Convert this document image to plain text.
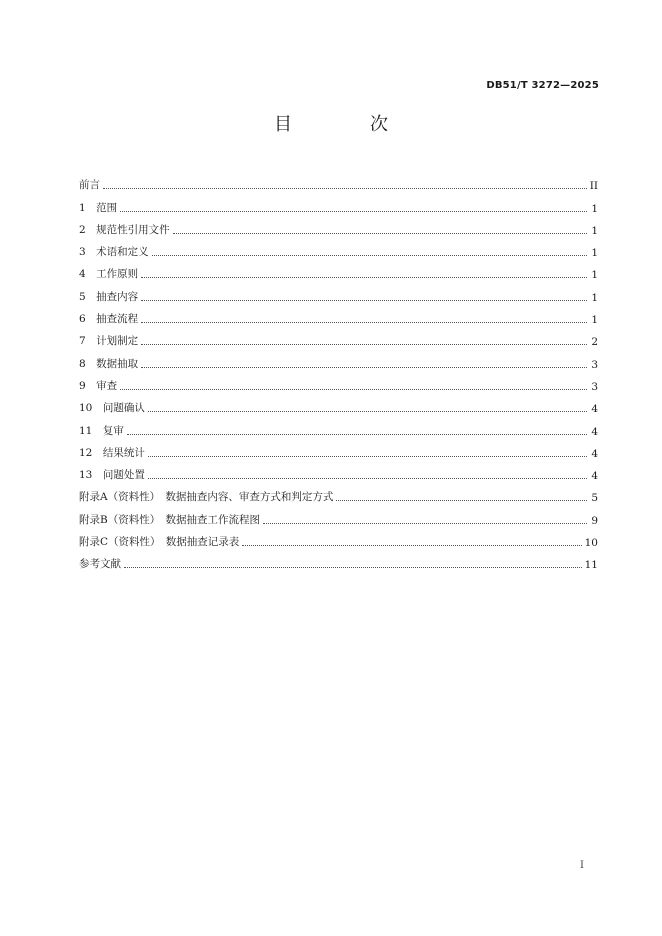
DB51/T 3272—2025
目　次
前言	II
1　范围	1
2　规范性引用文件	1
3　术语和定义	1
4　工作原则	1
5　抽查内容	1
6　抽查流程	1
7　计划制定	2
8　数据抽取	3
9　审查	3
10　问题确认	4
11　复审	4
12　结果统计	4
13　问题处置	4
附录A（资料性）　数据抽查内容、审查方式和判定方式	5
附录B（资料性）　数据抽查工作流程图	9
附录C（资料性）　数据抽查记录表	10
参考文献	11
I
